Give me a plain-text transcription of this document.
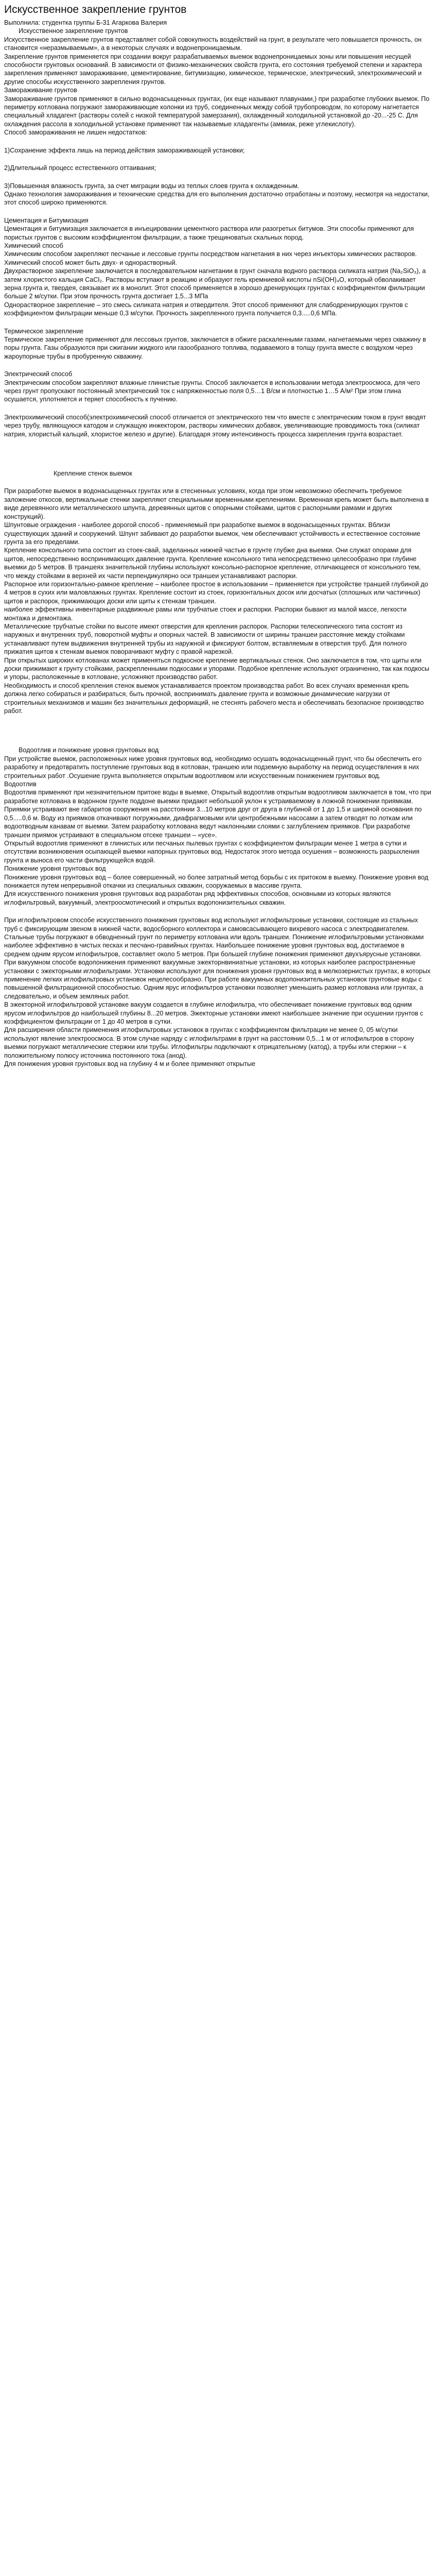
Искусственное закрепление грунтов

Выполнила: студентка группы Б-31 Агаркова Валерия

Искусственное закрепление грунтов

Искусственное закрепление грунтов представляет собой совокупность воздействий на грунт, в результате чего повышается прочность, он становится «неразмываемым», а в некоторых случаях и водонепроницаемым.

Закрепление грунтов применяется при создании вокруг разрабатываемых выемок водонепроницаемых зоны или повышения несущей способности грунтовых оснований. В зависимости от физико-механических свойств грунта, его состояния требуемой степени и характера закрепления применяют замораживание, цементирование, битумизацию, химическое, термическое, электрический, электрохимический и другие способы искусственного закрепления грунтов.

Замораживание грунтов

Замораживание грунтов применяют в сильно водонасыщенных грунтах, (их еще называют плавунами,) при разработке глубоких выемок. По периметру котлована погружают замораживающие колонки из труб, соединенных между собой трубопроводом, по которому нагнетается специальный хладагент (растворы солей с низкой температурой замерзания), охлажденный холодильной установкой до -20...-25 С. Для охлаждения рассола в холодильной установке применяют так называемые хладагенты (аммиак, реже углекислоту).

Способ замораживания не лишен недостатков:

1)Сохранение эффекта лишь на период действия замораживающей установки;

2)Длительный процесс естественного оттаивания;

3)Повышенная влажность грунта, за счет миграции воды из теплых слоев грунта к охлажденным.

Однако технология замораживания и технические средства для его выполнения достаточно отработаны и поэтому, несмотря на недостатки, этот способ широко применяются.

Цементация и Битумизация

Цементация и битумизация заключается в инъецировании цементного раствора или разогретых битумов. Эти способы применяют для пористых грунтов с высоким коэффициентом фильтрации, а также трещиноватых скальных пород.

Химический способ

Химическим способом закрепляют песчаные и лессовые грунты посредством нагнетания в них через инъекторы химических растворов.

Химический способ может быть двух- и однорастворный.

Двухрастворное закрепление заключается в последовательном нагнетании в грунт сначала водного раствора силиката натрия (Na₂SiO₃), а затем хлористого кальция CaCl₂. Растворы вступают в реакцию и образуют гель кремниевой кислоты nSi(OH)₄O, который обволакивает зерна грунта и, твердея, связывает их в монолит. Этот способ применяется в хорошо дренирующих грунтах с коэффициентом фильтрации больше 2 м/сутки. При этом прочность грунта достигает 1,5...3 МПа

Однорастворное закрепление – это смесь силиката натрия и отвердителя. Этот способ применяют для слабодренирующих грунтов с коэффициентом фильтрации меньше 0,3 м/сутки. Прочность закрепленного грунта получается 0,3.....0,6 МПа.

Термическое закрепление

Термическое закрепление применяют для лессовых грунтов, заключается в обжиге раскаленными газами, нагнетаемыми через скважину в поры грунта. Газы образуются при сжигании жидкого или газообразного топлива, подаваемого в толщу грунта вместе с воздухом через жароупорные трубы в пробуренную скважину.

Электрический способ

Электрическим способом закрепляют влажные глинистые грунты. Способ заключается в использовании метода электроосмоса, для чего через грунт пропускают постоянный электрический ток с напряженностью поля 0,5…1 В/см и плотностью 1…5 А/м² При этом глина осушается, уплотняется и теряет способность к пучению.

Электрохимический способ(электрохимический способ отличается от электрического тем что вместе с электрическим током в грунт вводят через трубу, являющуюся катодом и служащую инжектором, растворы химических добавок, увеличивающие проводимость тока (силикат натрия, хлористый кальций, хлористое железо и другие). Благодаря этому интенсивность процесса закрепления грунта возрастает.

Крепление стенок выемок

При разработке выемок в водонасыщенных грунтах или в стесненных условиях, когда при этом невозможно обеспечить требуемое заложение откосов, вертикальные стенки закрепляют специальными временными креплениями. Временная крепь может быть выполнена в виде деревянного или металлического шпунта, деревянных щитов с опорными стойками, щитов с распорными рамами и других конструкций).

Шпунтовые ограждения - наиболее дорогой способ - применяемый при разработке выемок в водонасыщенных грунтах. Вблизи существующих зданий и сооружений. Шпунт забивают до разработки выемок, чем обеспечивают устойчивость и естественное состояние грунта за его пределами.

Крепление консольного типа состоит из стоек-свай, заделанных нижней частью в грунте глубже дна выемки. Они служат опорами для щитов, непосредственно воспринимающих давление грунта. Крепление консольного типа непосредственно целесообразно при глубине выемки до 5 метров. В траншеях значительной глубины используют консольно-распорное крепление, отличающееся от консольного тем, что между стойками в верхней их части перпендикулярно оси траншеи устанавливают распорки.

Распорное или горизонтально-рамное крепление – наиболее простое в использовании – применяется при устройстве траншей глубиной до 4 метров в сухих или маловлажных грунтах. Крепление состоит из стоек, горизонтальных досок или досчатых (сплошных или частичных) щитов и распорок, прижимающих доски или щиты к стенкам траншеи.

наиболее эффективны инвентарные раздвижные рамы или трубчатые стоек и распорки. Распорки бывают из малой массе, легкости монтажа и демонтажа.

Металлические трубчатые стойки по высоте имеют отверстия для крепления распорок. Распорки телескопического типа состоят из наружных и внутренних труб, поворотной муфты и опорных частей. В зависимости от ширины траншеи расстояние между стойками устанавливают путем выдвижения внутренней трубы из наружной и фиксируют болтом, вставляемым в отверстия труб. Для полного прижатия щитов к стенкам выемок поворачивают муфту с правой нарезкой.

При открытых широких котлованах может применяться подкосное крепление вертикальных стенок. Оно заключается в том, что щиты или доски прижимают к грунту стойками, раскрепленными подкосами и упорами. Подобное крепление используют ограниченно, так как подкосы и упоры, расположенные в котловане, усложняют производство работ.

Необходимость и способ крепления стенок выемок устанавливается проектом производства работ. Во всех случаях временная крепь должна легко собираться и разбираться, быть прочной, воспринимать давление грунта и возможные динамические нагрузки от строительных механизмов и машин без значительных деформаций, не стеснять рабочего места и обеспечивать безопасное производство работ.

Водоотлив и понижение уровня грунтовых вод

При устройстве выемок, расположенных ниже уровня грунтовых вод, необходимо осушать водонасыщенный грунт, что бы обеспечить его разработку и предотвратить поступление грунтовых вод в котлован, траншею или подземную выработку на период осуществления в них строительных работ .Осушение грунта выполняется открытым водоотливом или искусственным понижением грунтовых вод.

Водоотлив

Водоотлив применяют при незначительном притоке воды в выемке, Открытый водоотлив открытым водоотливом заключается в том, что при разработке котлована в водонном грунте поддоне выемки придают небольшой уклон к устраиваемому в ложной понижении приямкам. Приямки устраивают вне габаритов сооружения на расстоянии 3...10 метров друг от друга в глубиной от 1 до 1,5 и шириной основания по 0,5.....0,6 м. Воду из приямков откачивают погружными, диафрагмовыми или центробежными насосами а затем отводят по лоткам или водоотводным канавам от выемки. Затем разработку котлована ведут наклонными слоями с заглублением приямков. При разработке траншеи приямок устраивают в специальном отсеке траншеи – «усе».

Открытый водоотлив применяют в глинистых или песчаных пылевых грунтах с коэффициентом фильтрации менее 1 метра в сутки и отсутствии возникновения осыпающей выемки напорных грунтовых вод. Недостаток этого метода осушения – возможность разрыхления грунта и выноса его части фильтрующейся водой.

Понижение уровня грунтовых вод

Понижение уровня грунтовых вод – более совершенный, но более затратный метод борьбы с их притоком в выемку. Понижение уровня вод понижается путем непрерывной откачки из специальных скважин, сооружаемых в массиве грунта.

Для искусственного понижения уровня грунтовых вод разработан ряд эффективных способов, основными из которых являются иглофильтровый, вакуумный, электроосмотический и открытых водопонизительных скважин.

При иглофильтровом способе искусственного понижения грунтовых вод используют иглофильтровые установки, состоящие из стальных труб с фиксирующим звеном в нижней части, водосборного коллектора и самовсасывающего вихревого насоса с электродвигателем. Стальные трубы погружают в обводненный грунт по периметру котлована или вдоль траншеи. Понижение иглофильтровыми установками наиболее эффективно в чистых песках и песчано-гравийных грунтах. Наибольшее понижение уровня грунтовых вод, достигаемое в среднем одним ярусом иглофильтров, составляет около 5 метров. При большей глубине понижения применяют двухъярусные установки.

При вакуумном способе водопонижения применяют вакуумные эжекторнвиниатные установки, из которых наиболее распространенные установки с эжекторными иглофильтрами. Установки используют для понижения уровня грунтовых вод в мелкозернистых грунтах, в которых применение легких иглофильтровых установок нецелесообразно. При работе вакуумных водопонизительных установок грунтовые воды с повышенной фильтрационной способностью. Одним ярус иглофильтров установки позволяет уменьшить размер котлована или грунтах, а следовательно, и объем земляных работ.

В эжекторной иглофильтровой установке вакуум создается в глубине иглофильтра, что обеспечивает понижение грунтовых вод одним ярусом иглофильтров до наибольшей глубины 8...20 метров. Эжекторные установки имеют наибольшее значение при осушении грунтов с коэффициентом фильтрации от 1 до 40 метров в сутки.

Для расширения области применения иглофильтровых установок в грунтах с коэффициентом фильтрации не менее 0, 05 м/сутки используют явление электроосмоса. В этом случае наряду с иглофильтрами в грунт на расстоянии 0,5...1 м от иглофильтров в сторону выемки погружают металлические стержни или трубы. Иглофильтры подключают к отрицательному (катод), а трубы или стержни – к положительному полюсу источника постоянного тока (анод).

Для понижения уровня грунтовых вод на глубину 4 м и более применяют открытые
